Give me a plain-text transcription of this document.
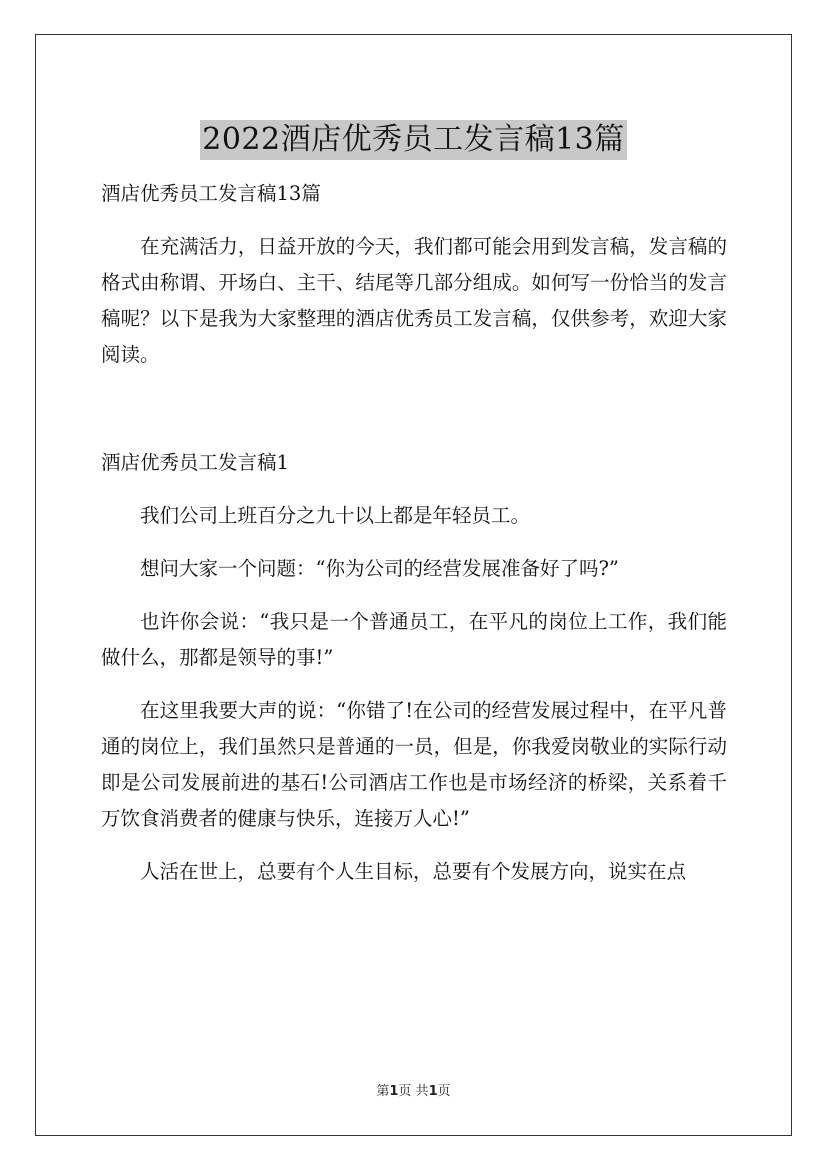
2022酒店优秀员工发言稿13篇

酒店优秀员工发言稿13篇

在充满活力，日益开放的今天，我们都可能会用到发言稿，发言稿的格式由称谓、开场白、主干、结尾等几部分组成。如何写一份恰当的发言稿呢？以下是我为大家整理的酒店优秀员工发言稿，仅供参考，欢迎大家阅读。

酒店优秀员工发言稿1

我们公司上班百分之九十以上都是年轻员工。

想问大家一个问题：“你为公司的经营发展准备好了吗?”

也许你会说：“我只是一个普通员工，在平凡的岗位上工作，我们能做什么，那都是领导的事!”

在这里我要大声的说：“你错了!在公司的经营发展过程中，在平凡普通的岗位上，我们虽然只是普通的一员，但是，你我爱岗敬业的实际行动即是公司发展前进的基石!公司酒店工作也是市场经济的桥梁，关系着千万饮食消费者的健康与快乐，连接万人心!”

人活在世上，总要有个人生目标，总要有个发展方向，说实在点

第1页 共1页
